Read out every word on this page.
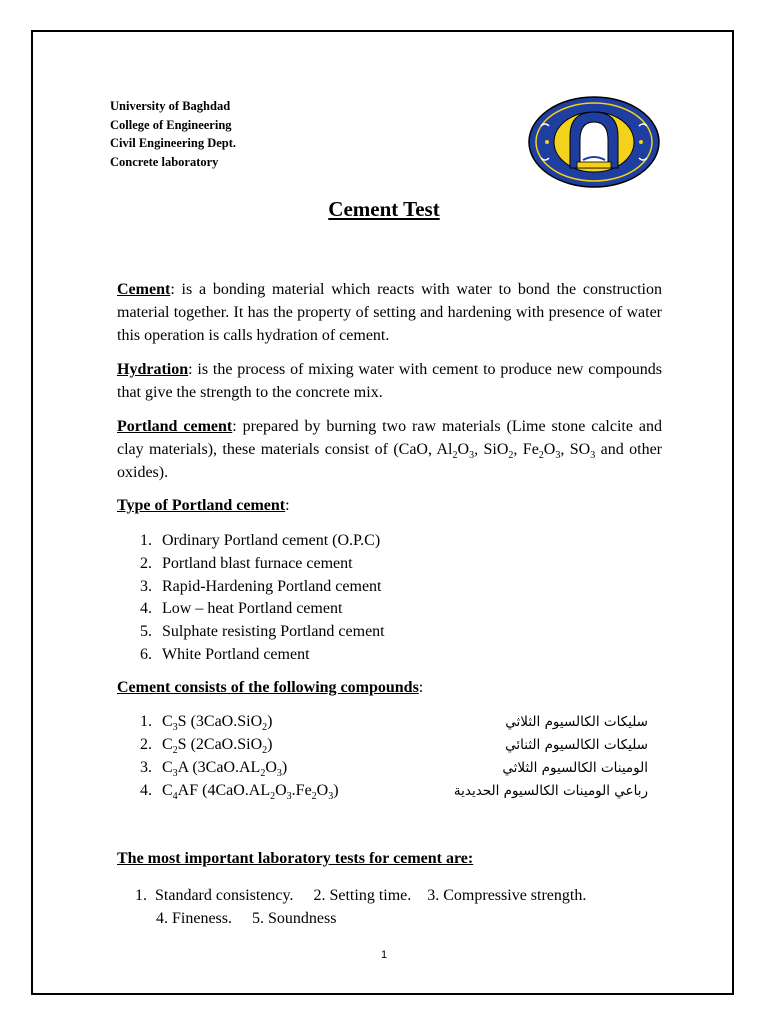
University of Baghdad
College of Engineering
Civil Engineering Dept.
Concrete laboratory
Cement Test
Cement: is a bonding material which reacts with water to bond the construction material together. It has the property of setting and hardening with presence of water this operation is calls hydration of cement.
Hydration: is the process of mixing water with cement to produce new compounds that give the strength to the concrete mix.
Portland cement: prepared by burning two raw materials (Lime stone calcite and clay materials), these materials consist of (CaO, $Al_2O_3$, SiO$_2$, $Fe_2O_3$, $SO_3$ and other oxides).
Type of Portland cement:
1. Ordinary Portland cement (O.P.C)
2. Portland blast furnace cement
3. Rapid-Hardening Portland cement
4. Low – heat Portland cement
5. Sulphate resisting Portland cement
6. White Portland cement
Cement consists of the following compounds:
1. $C_3S$ (3CaO.SiO$_2$)	سليكات الكالسيوم الثلاثي
2. $C_2S$ (2CaO.SiO$_2$)	سليكات الكالسيوم الثنائي
3. $C_3A$ $(3CaO.AL_2O_3)$	الومينات الكالسيوم الثلاثي
4. $C_4AF$ $(4CaO.AL_2O_3.Fe_2O_3)$	رباعي الومينات الكالسيوم الحديدية
The most important laboratory tests for cement are:
1.  Standard consistency.     2. Setting time.    3. Compressive strength.
4. Fineness.     5. Soundness
1
